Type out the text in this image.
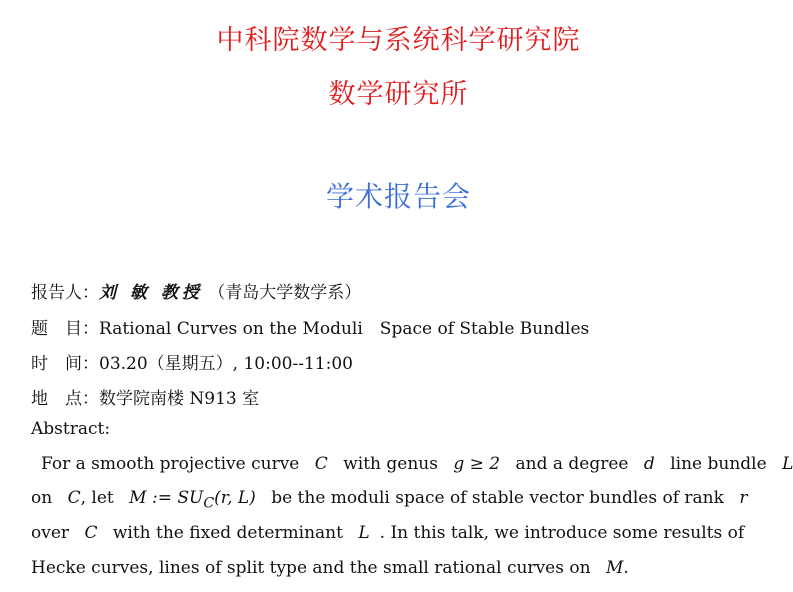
中科院数学与系统科学研究院
数学研究所
学术报告会
报告人：刘 敏 教授 （青岛大学数学系）
题　目：Rational Curves on the Moduli　Space of Stable Bundles
时　间：03.20（星期五）, 10:00--11:00
地　点：数学院南楼 N913 室
Abstract:
For a smooth projective curve C with genus g ≥ 2 and a degree d line bundle L
on C, let M := $SU_C(r$, L) be the moduli space of stable vector bundles of rank r
over C with the fixed determinant L . In this talk, we introduce some results of
Hecke curves, lines of split type and the small rational curves on M.
